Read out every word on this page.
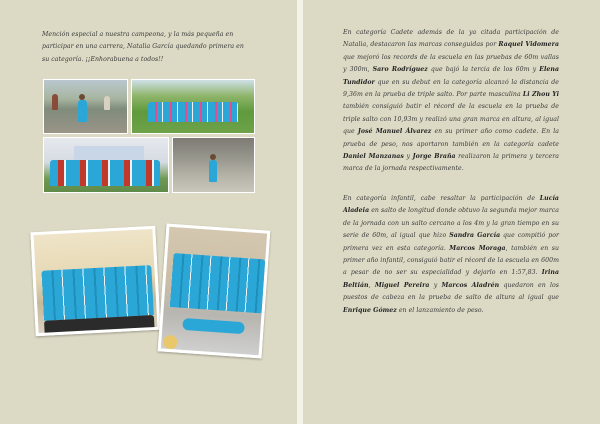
Mención especial a nuestra campeona, y la más pequeña en
participar en una carrera, Natalia García quedando primera en
su categoría. ¡¡Enhorabuena a todos!!

En categoría Cadete además de la ya citada participación de Natalia, destacaron las marcas conseguidas por Raquel Vidomera que mejoró los records de la escuela en las pruebas de 60m vallas y 300m, Saro Rodríguez que bajó la tercia de los 60m y Elena Tundidor que en su debut en la categoría alcanzó la distancia de 9,36m en la prueba de triple salto. Por parte masculina Li Zhou Yi también consiguió batir el récord de la escuela en la prueba de triple salto con 10,93m y realizó una gran marca en altura, al igual que José Manuel Álvarez en su primer año como cadete. En la prueba de peso, nos aportaron también en la categoría cadete Daniel Manzanas y Jorge Braña realizaron la primera y tercera marca de la jornada respectivamente.

En categoría infantil, cabe resaltar la participación de Lucía Aladeia en salto de longitud donde obtuvo la segunda mejor marca de la jornada con un salto cercano a los 4m y la gran tiempo en su serie de 60m, al igual que hizo Sandra García que compitió por primera vez en esta categoría. Marcos Moraga, también en su primer año infantil, consiguió batir el récord de la escuela en 600m a pesar de no ser su especialidad y dejarlo en 1:57,83. Irina Beltián, Miguel Pereira y Marcos Aladrén quedaron en los puestos de cabeza en la prueba de salto de altura al igual que Enrique Gómez en el lanzamiento de peso.
